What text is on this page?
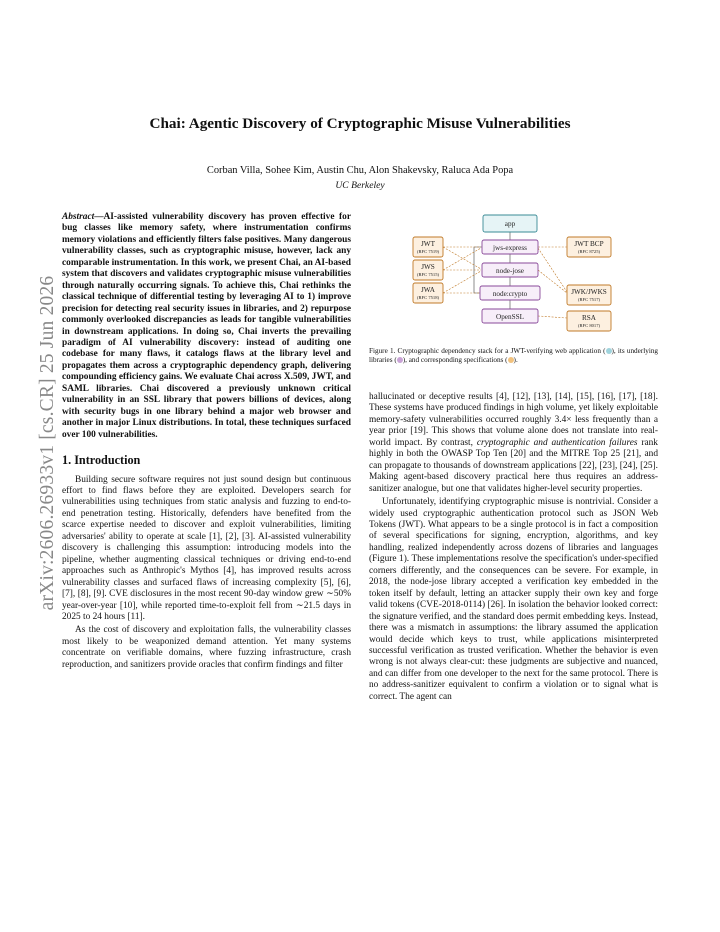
arXiv:2606.26933v1 [cs.CR] 25 Jun 2026
Chai: Agentic Discovery of Cryptographic Misuse Vulnerabilities
Corban Villa, Sohee Kim, Austin Chu, Alon Shakevsky, Raluca Ada Popa
UC Berkeley
Abstract—AI-assisted vulnerability discovery has proven effective for bug classes like memory safety, where instrumentation confirms memory violations and efficiently filters false positives. Many dangerous vulnerability classes, such as cryptographic misuse, however, lack any comparable instrumentation. In this work, we present Chai, an AI-based system that discovers and validates cryptographic misuse vulnerabilities through naturally occurring signals. To achieve this, Chai rethinks the classical technique of differential testing by leveraging AI to 1) improve precision for detecting real security issues in libraries, and 2) repurpose commonly overlooked discrepancies as leads for tangible vulnerabilities in downstream applications. In doing so, Chai inverts the prevailing paradigm of AI vulnerability discovery: instead of auditing one codebase for many flaws, it catalogs flaws at the library level and propagates them across a cryptographic dependency graph, delivering compounding efficiency gains. We evaluate Chai across X.509, JWT, and SAML libraries. Chai discovered a previously unknown critical vulnerability in an SSL library that powers billions of devices, along with security bugs in one library behind a major web browser and another in major Linux distributions. In total, these techniques surfaced over 100 vulnerabilities.
1. Introduction

Building secure software requires not just sound design but continuous effort to find flaws before they are exploited. Developers search for vulnerabilities using techniques from static analysis and fuzzing to end-to-end penetration testing. Historically, defenders have benefited from the scarce expertise needed to discover and exploit vulnerabilities, limiting adversaries' ability to operate at scale [1], [2], [3]. AI-assisted vulnerability discovery is challenging this assumption: introducing models into the pipeline, whether augmenting classical techniques or driving end-to-end approaches such as Anthropic's Mythos [4], has improved results across vulnerability classes and surfaced flaws of increasing complexity [5], [6], [7], [8], [9]. CVE disclosures in the most recent 90-day window grew ∼50% year-over-year [10], while reported time-to-exploit fell from ∼21.5 days in 2025 to 24 hours [11].

As the cost of discovery and exploitation falls, the vulnerability classes most likely to be weaponized demand attention. Yet many systems concentrate on verifiable domains, where fuzzing infrastructure, crash reproduction, and sanitizers provide oracles that confirm findings and filter

app
jws-express
node-jose
node:crypto
OpenSSL
JWT
(RFC 7519)
JWS
(RFC 7515)
JWA
(RFC 7518)
JWT BCP
(RFC 8725)
JWK/JWKS
(RFC 7517)
RSA
(RFC 8017)
Figure 1. Cryptographic dependency stack for a JWT-verifying web application ( ), its underlying libraries ( ), and corresponding specifications ( ).

hallucinated or deceptive results [4], [12], [13], [14], [15], [16], [17], [18]. These systems have produced findings in high volume, yet likely exploitable memory-safety vulnerabilities occurred roughly 3.4× less frequently than a year prior [19]. This shows that volume alone does not translate into real-world impact. By contrast, cryptographic and authentication failures rank highly in both the OWASP Top Ten [20] and the MITRE Top 25 [21], and can propagate to thousands of downstream applications [22], [23], [24], [25]. Making agent-based discovery practical here thus requires an address-sanitizer analogue, but one that validates higher-level security properties.

Unfortunately, identifying cryptographic misuse is nontrivial. Consider a widely used cryptographic authentication protocol such as JSON Web Tokens (JWT). What appears to be a single protocol is in fact a composition of several specifications for signing, encryption, algorithms, and key handling, realized independently across dozens of libraries and languages (Figure 1). These implementations resolve the specification's under-specified corners differently, and the consequences can be severe. For example, in 2018, the node-jose library accepted a verification key embedded in the token itself by default, letting an attacker supply their own key and forge valid tokens (CVE-2018-0114) [26]. In isolation the behavior looked correct: the signature verified, and the standard does permit embedding keys. Instead, there was a mismatch in assumptions: the library assumed the application would decide which keys to trust, while applications misinterpreted successful verification as trusted verification. Whether the behavior is even wrong is not always clear-cut: these judgments are subjective and nuanced, and can differ from one developer to the next for the same protocol. There is no address-sanitizer equivalent to confirm a violation or to signal what is correct. The agent can
